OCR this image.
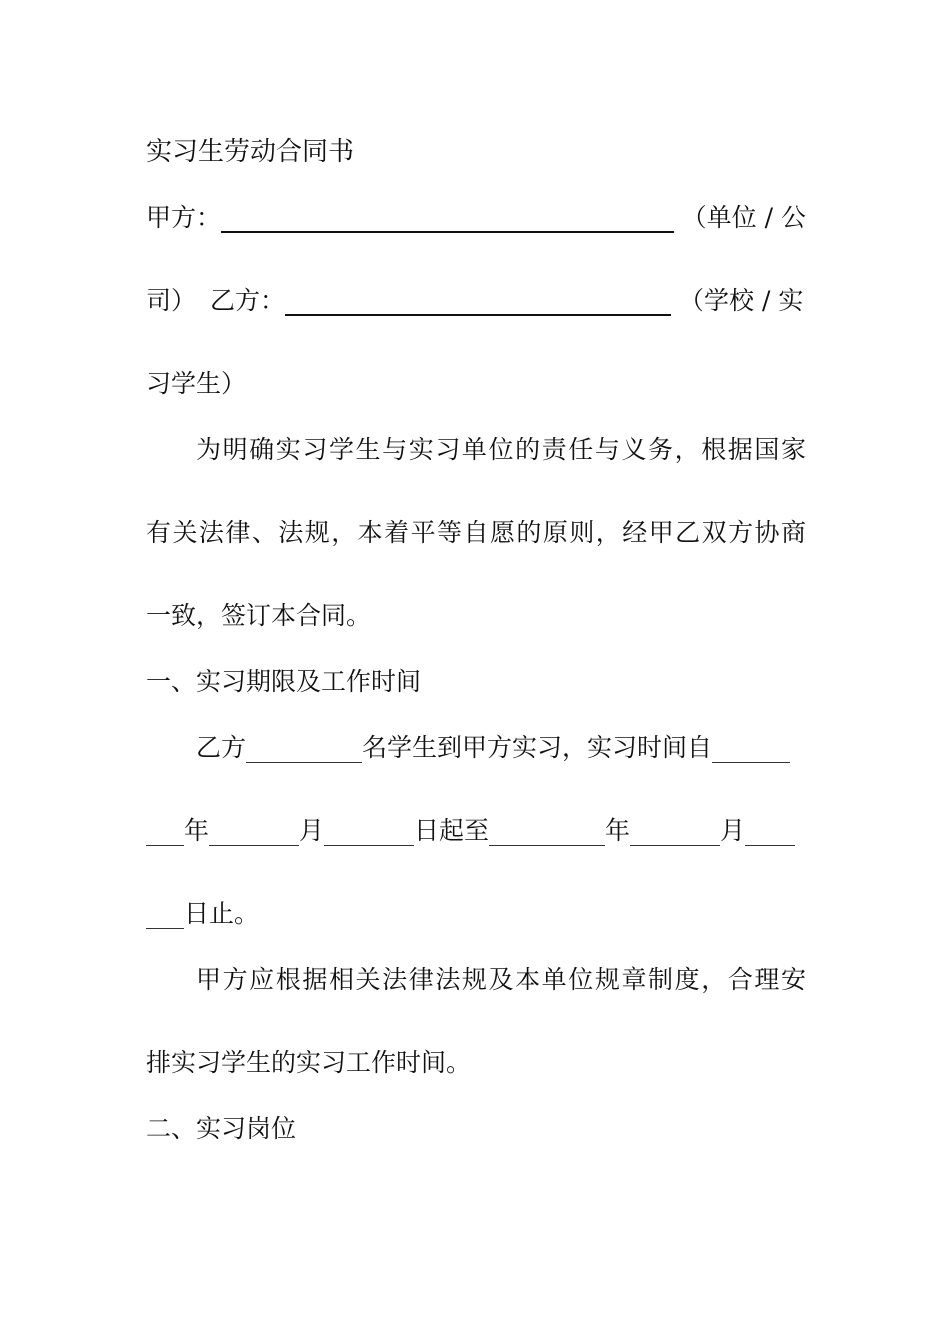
实习生劳动合同书
甲方：	（单位 / 公
司） 乙方：	（学校 / 实
习学生）
为明确实习学生与实习单位的责任与义务，根据国家
有关法律、法规，本着平等自愿的原则，经甲乙双方协商
一致，签订本合同。
一、实习期限及工作时间
乙方	名学生到甲方实习，实习时间自
年	月	日起至	年	月
日止。
甲方应根据相关法律法规及本单位规章制度，合理安
排实习学生的实习工作时间。
二、实习岗位
